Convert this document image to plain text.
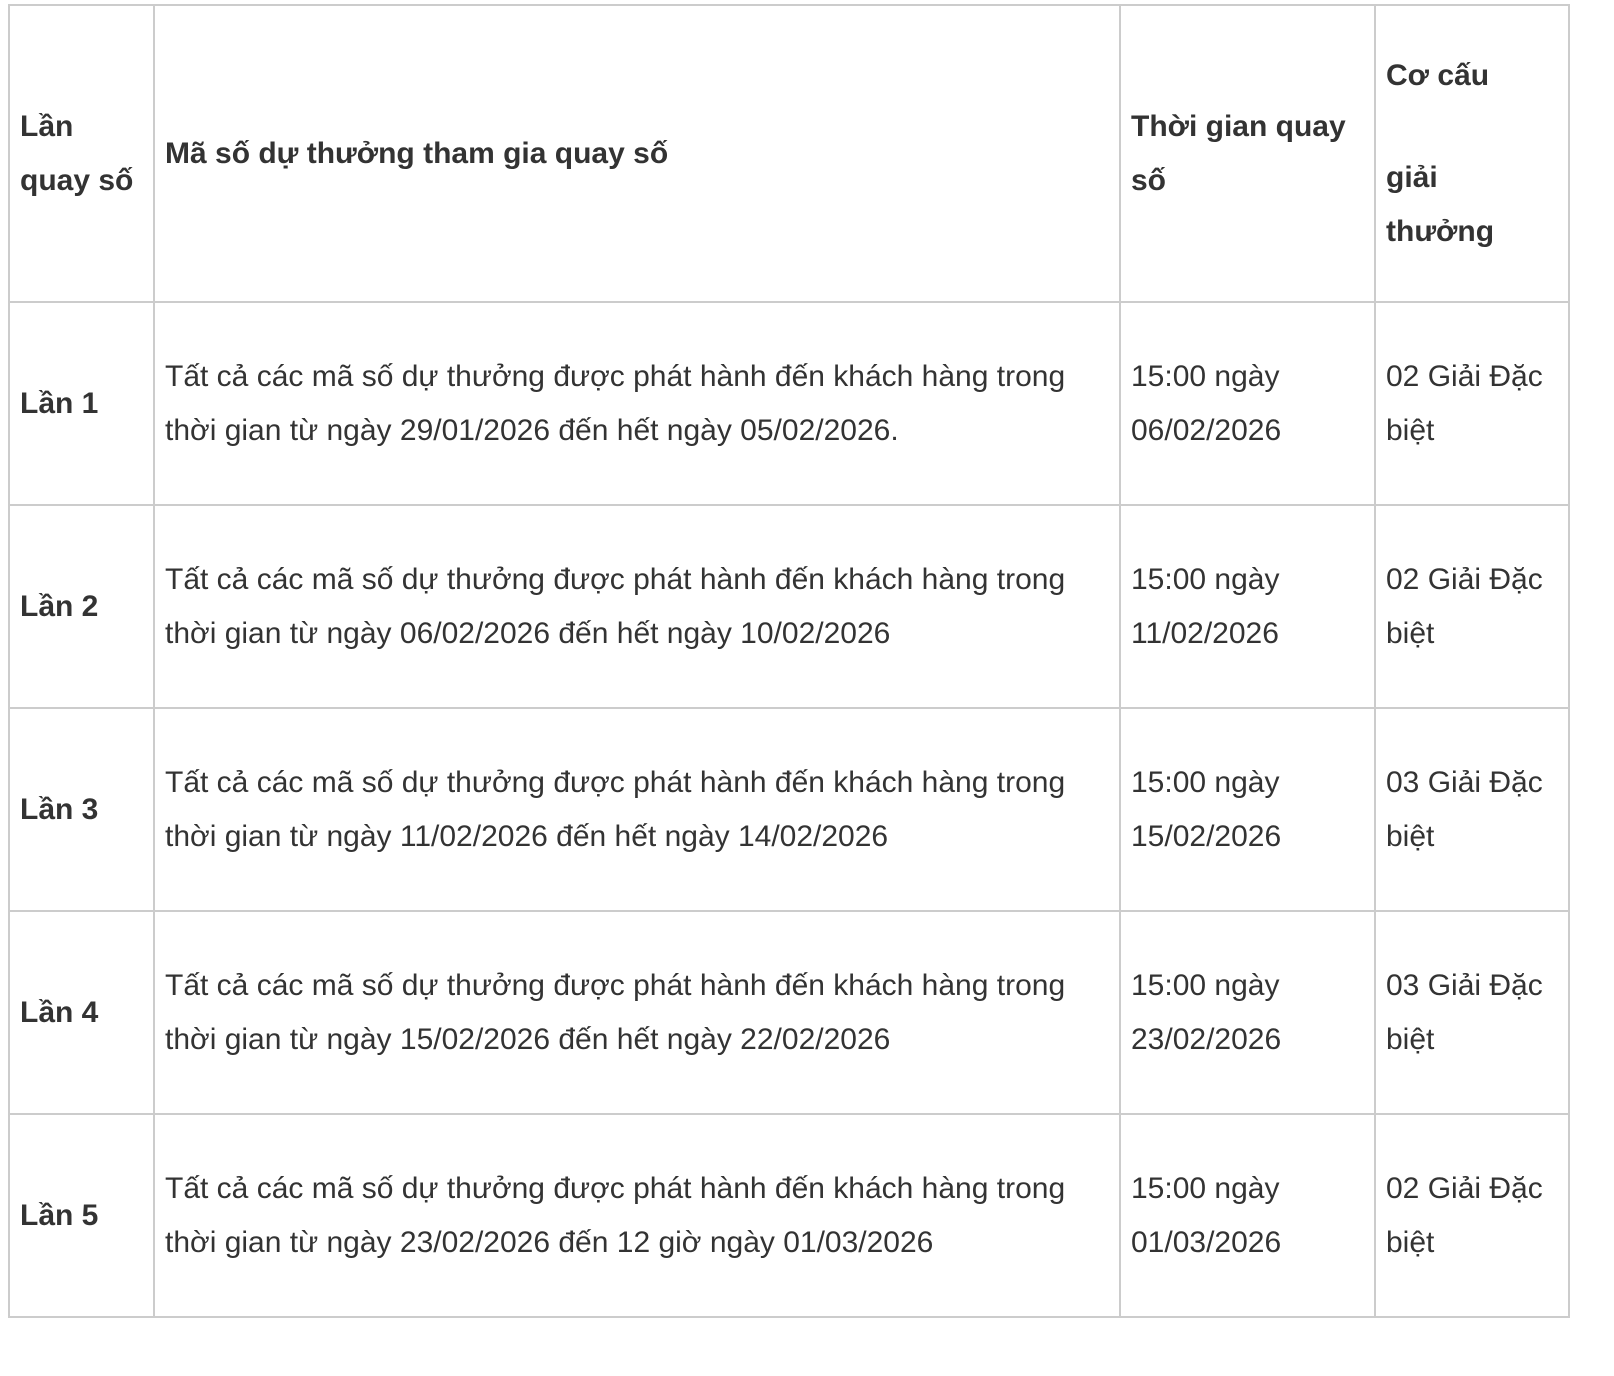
Lần quay số	Mã số dự thưởng tham gia quay số	Thời gian quay số	Cơ cấu
giải
thưởng

Lần 1	Tất cả các mã số dự thưởng được phát hành đến khách hàng trong thời gian từ ngày 29/01/2026 đến hết ngày 05/02/2026.	15:00 ngày 06/02/2026	02 Giải Đặc biệt
Lần 2	Tất cả các mã số dự thưởng được phát hành đến khách hàng trong thời gian từ ngày 06/02/2026 đến hết ngày 10/02/2026	15:00 ngày 11/02/2026	02 Giải Đặc biệt
Lần 3	Tất cả các mã số dự thưởng được phát hành đến khách hàng trong thời gian từ ngày 11/02/2026 đến hết ngày 14/02/2026	15:00 ngày 15/02/2026	03 Giải Đặc biệt
Lần 4	Tất cả các mã số dự thưởng được phát hành đến khách hàng trong thời gian từ ngày 15/02/2026 đến hết ngày 22/02/2026	15:00 ngày 23/02/2026	03 Giải Đặc biệt
Lần 5	Tất cả các mã số dự thưởng được phát hành đến khách hàng trong thời gian từ ngày 23/02/2026 đến 12 giờ ngày 01/03/2026	15:00 ngày 01/03/2026	02 Giải Đặc biệt
